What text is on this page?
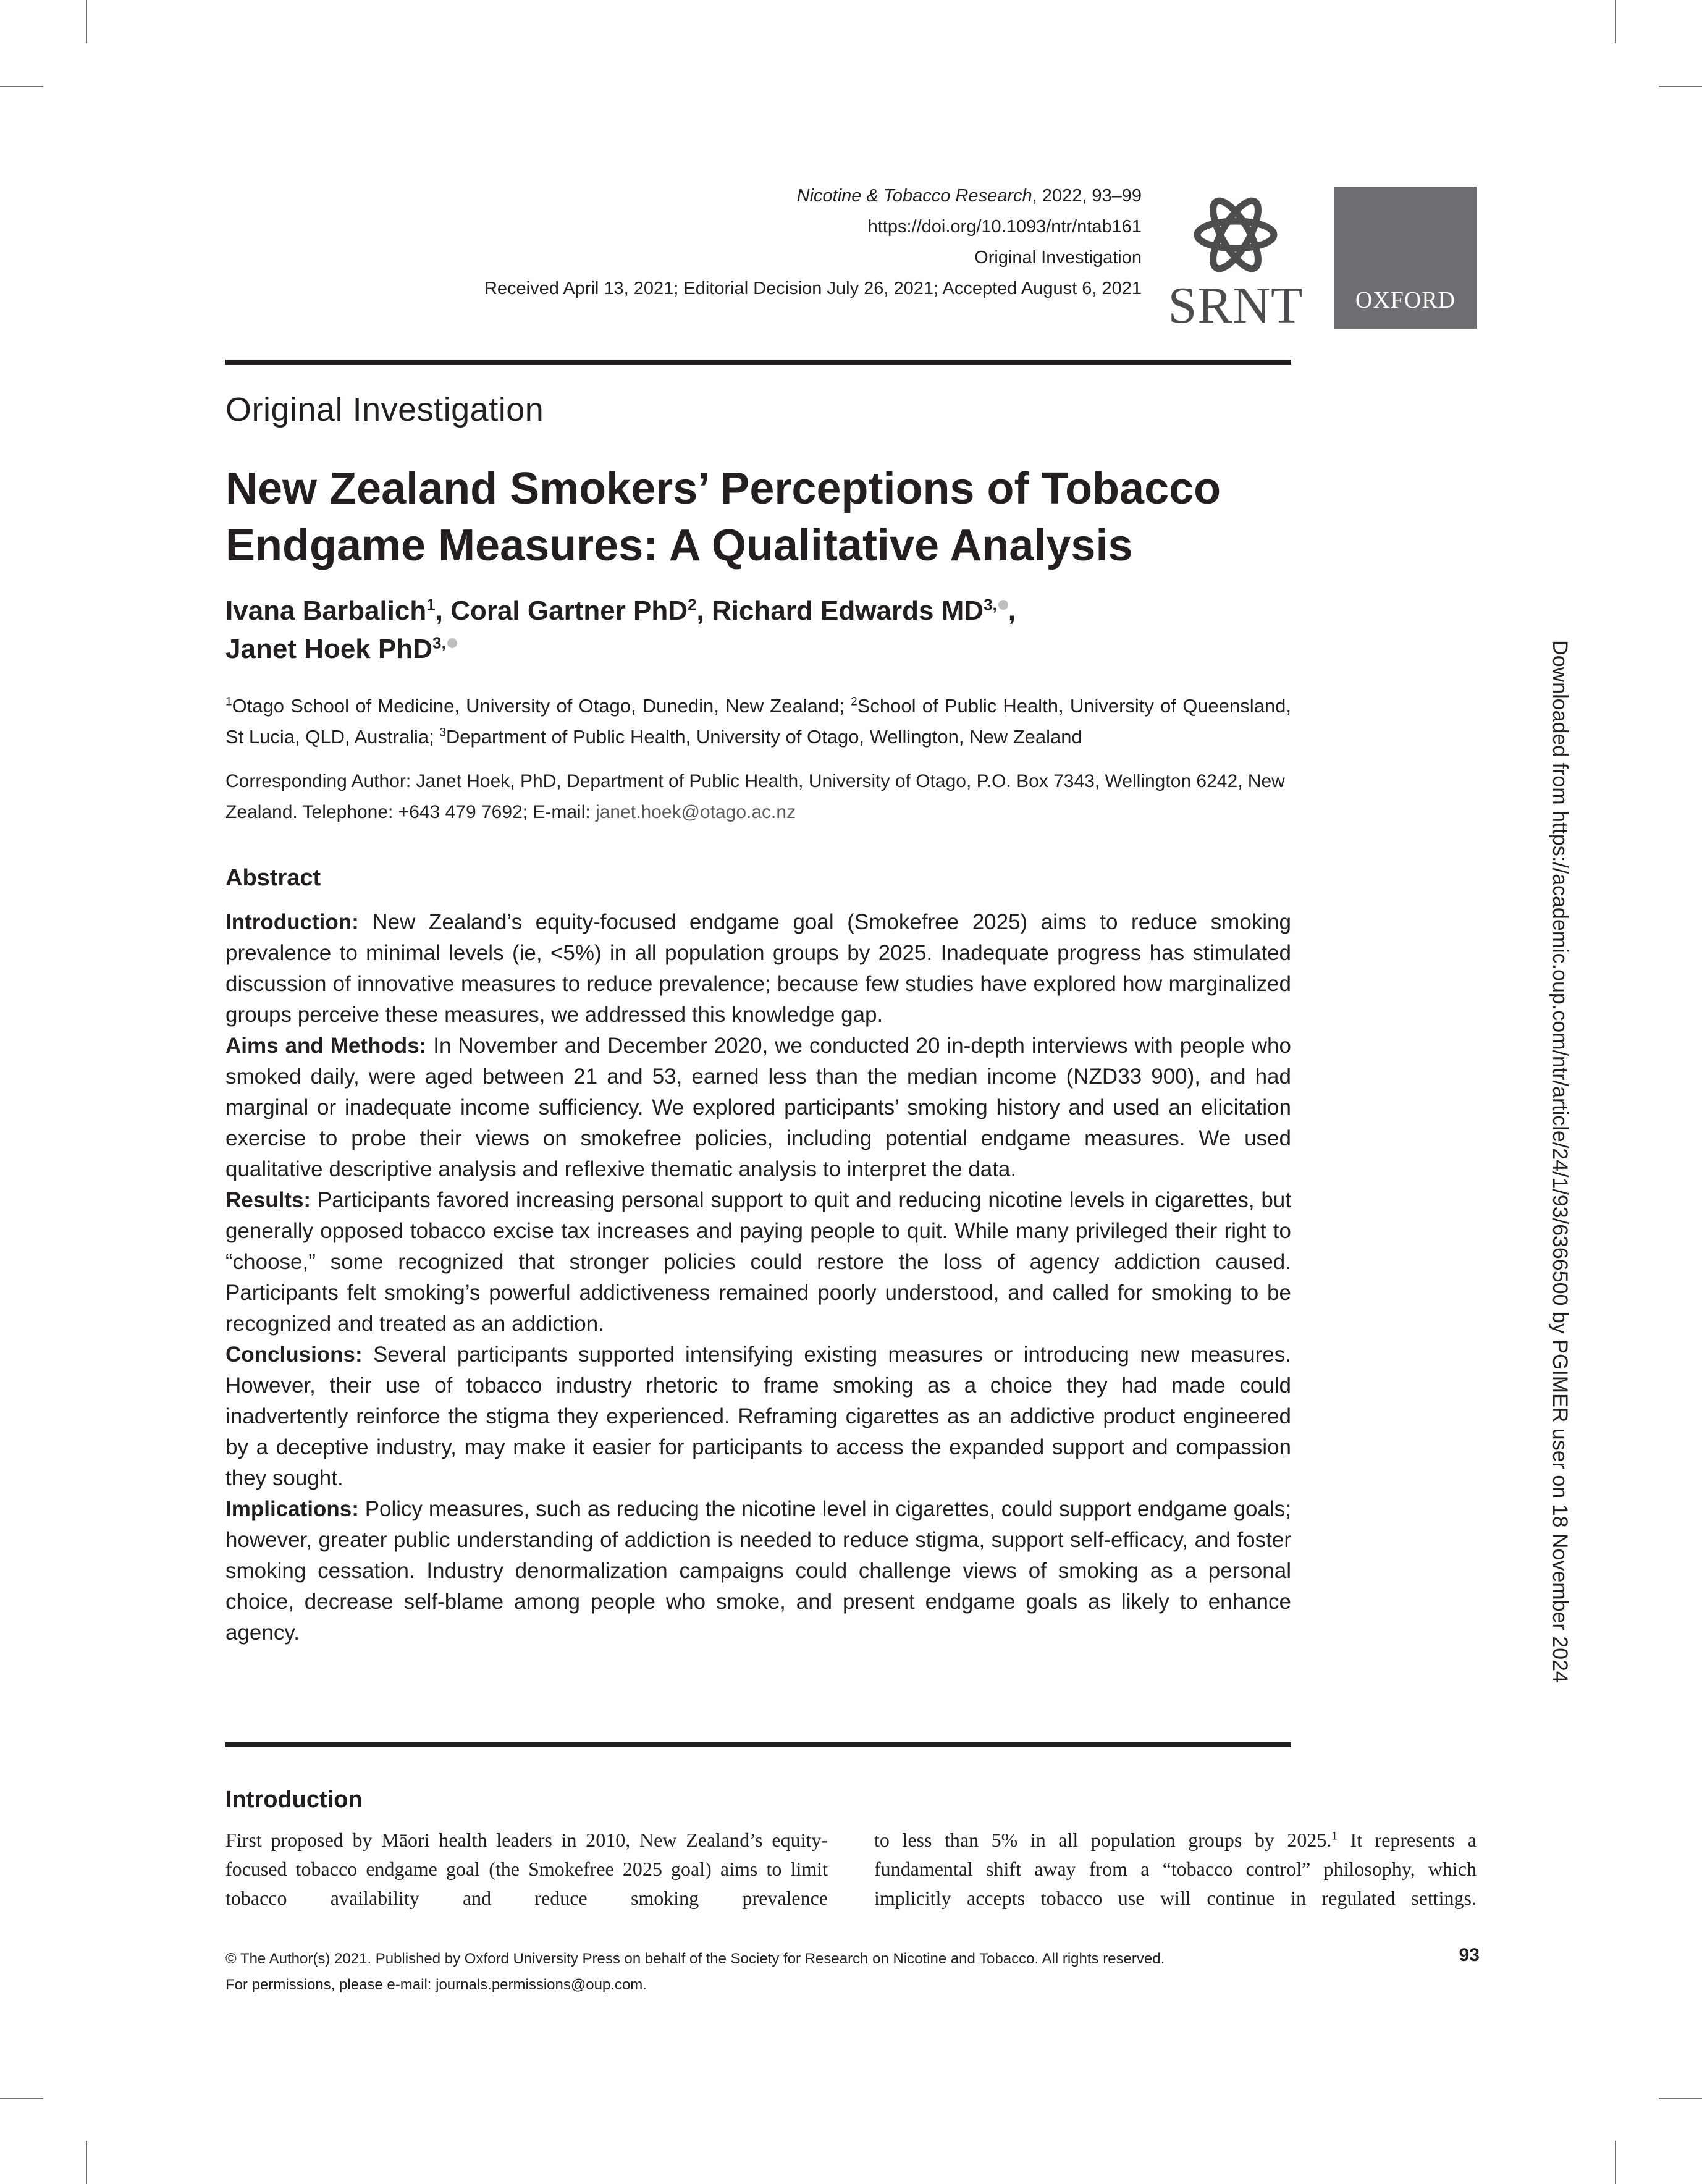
Nicotine & Tobacco Research, 2022, 93–99
https://doi.org/10.1093/ntr/ntab161
Original Investigation
Received April 13, 2021; Editorial Decision July 26, 2021; Accepted August 6, 2021 SRNT	OXFORD
Original Investigation
New Zealand Smokers’ Perceptions of Tobacco
Endgame Measures: A Qualitative Analysis
Ivana Barbalich$^1$, Coral Gartner PhD$^2$, Richard Edwards $MD^{3,}$ ,
Janet Hoek PhD$^{3,}$
$^1$Otago School of Medicine, University of Otago, Dunedin, New Zealand; $^2$School of Public Health, University of Queensland, St Lucia, QLD, Australia; $^3$Department of Public Health, University of Otago, Wellington, New Zealand
Corresponding Author: Janet Hoek, PhD, Department of Public Health, University of Otago, P.O. Box 7343, Wellington 6242, New Zealand. Telephone: +643 479 7692; E-mail: janet.hoek@otago.ac.nz
Abstract

Introduction: New Zealand’s equity-focused endgame goal (Smokefree 2025) aims to reduce smoking prevalence to minimal levels (ie, <5%) in all population groups by 2025. Inadequate progress has stimulated discussion of innovative measures to reduce prevalence; because few studies have explored how marginalized groups perceive these measures, we addressed this knowledge gap.

Aims and Methods: In November and December 2020, we conducted 20 in-depth interviews with people who smoked daily, were aged between 21 and 53, earned less than the median income (NZD33 900), and had marginal or inadequate income sufficiency. We explored participants’ smoking history and used an elicitation exercise to probe their views on smokefree policies, including potential endgame measures. We used qualitative descriptive analysis and reflexive thematic analysis to interpret the data.

Results: Participants favored increasing personal support to quit and reducing nicotine levels in cigarettes, but generally opposed tobacco excise tax increases and paying people to quit. While many privileged their right to “choose,” some recognized that stronger policies could restore the loss of agency addiction caused. Participants felt smoking’s powerful addictiveness remained poorly understood, and called for smoking to be recognized and treated as an addiction.

Conclusions: Several participants supported intensifying existing measures or introducing new measures. However, their use of tobacco industry rhetoric to frame smoking as a choice they had made could inadvertently reinforce the stigma they experienced. Reframing cigarettes as an addictive product engineered by a deceptive industry, may make it easier for participants to access the expanded support and compassion they sought.

Implications: Policy measures, such as reducing the nicotine level in cigarettes, could support endgame goals; however, greater public understanding of addiction is needed to reduce stigma, support self-efficacy, and foster smoking cessation. Industry denormalization campaigns could challenge views of smoking as a personal choice, decrease self-blame among people who smoke, and present endgame goals as likely to enhance agency.

Introduction
First proposed by Māori health leaders in 2010, New Zealand’s equity-focused tobacco endgame goal (the Smokefree 2025 goal) aims to limit tobacco availability and reduce smoking prevalence
to less than 5% in all population groups by 2025.$^1$ It represents a fundamental shift away from a “tobacco control” philosophy, which implicitly accepts tobacco use will continue in regulated settings.
© The Author(s) 2021. Published by Oxford University Press on behalf of the Society for Research on Nicotine and Tobacco. All rights reserved.
For permissions, please e-mail: journals.permissions@oup.com.
93
Downloaded from https://academic.oup.com/ntr/article/24/1/93/6366500 by PGIMER user on 18 November 2024
